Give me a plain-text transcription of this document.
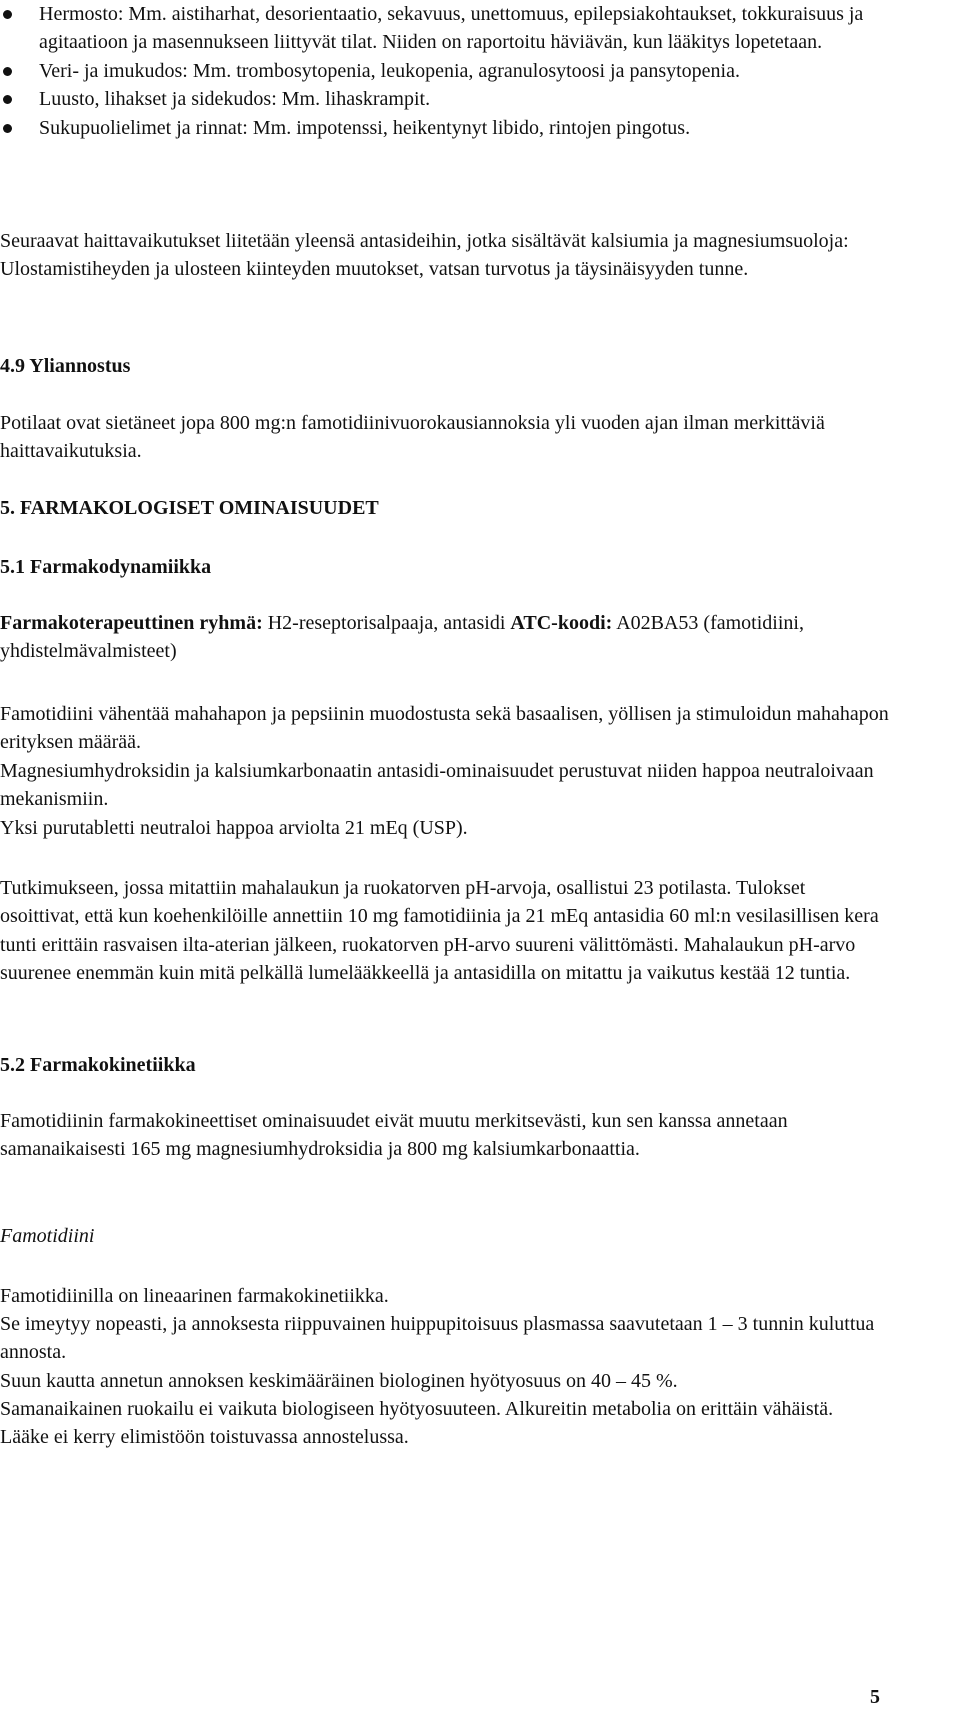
Hermosto: Mm. aistiharhat, desorientaatio, sekavuus, unettomuus, epilepsiakohtaukset, tokkuraisuus ja agitaatioon ja masennukseen liittyvät tilat. Niiden on raportoitu häviävän, kun lääkitys lopetetaan.
Veri- ja imukudos: Mm. trombosytopenia, leukopenia, agranulosytoosi ja pansytopenia.
Luusto, lihakset ja sidekudos: Mm. lihaskrampit.
Sukupuolielimet ja rinnat: Mm. impotenssi, heikentynyt libido, rintojen pingotus.

Seuraavat haittavaikutukset liitetään yleensä antasideihin, jotka sisältävät kalsiumia ja magnesiumsuoloja: Ulostamistiheyden ja ulosteen kiinteyden muutokset, vatsan turvotus ja täysinäisyyden tunne.

4.9 Yliannostus

Potilaat ovat sietäneet jopa 800 mg:n famotidiinivuorokausiannoksia yli vuoden ajan ilman merkittäviä haittavaikutuksia.

5. FARMAKOLOGISET OMINAISUUDET
5.1 Farmakodynamiikka

Farmakoterapeuttinen ryhmä: H2-reseptorisalpaaja, antasidi ATC-koodi: A02BA53 (famotidiini, yhdistelmävalmisteet)

Famotidiini vähentää mahahapon ja pepsiinin muodostusta sekä basaalisen, yöllisen ja stimuloidun mahahapon erityksen määrää.

Magnesiumhydroksidin ja kalsiumkarbonaatin antasidi-ominaisuudet perustuvat niiden happoa neutraloivaan mekanismiin.

Yksi purutabletti neutraloi happoa arviolta 21 mEq (USP).

Tutkimukseen, jossa mitattiin mahalaukun ja ruokatorven pH-arvoja, osallistui 23 potilasta. Tulokset osoittivat, että kun koehenkilöille annettiin 10 mg famotidiinia ja 21 mEq antasidia 60 ml:n vesilasillisen kera tunti erittäin rasvaisen ilta-aterian jälkeen, ruokatorven pH-arvo suureni välittömästi. Mahalaukun pH-arvo suurenee enemmän kuin mitä pelkällä lumelääkkeellä ja antasidilla on mitattu ja vaikutus kestää 12 tuntia.

5.2 Farmakokinetiikka

Famotidiinin farmakokineettiset ominaisuudet eivät muutu merkitsevästi, kun sen kanssa annetaan samanaikaisesti 165 mg magnesiumhydroksidia ja 800 mg kalsiumkarbonaattia.

Famotidiini

Famotidiinilla on lineaarinen farmakokinetiikka.

Se imeytyy nopeasti, ja annoksesta riippuvainen huippupitoisuus plasmassa saavutetaan 1 – 3 tunnin kuluttua annosta.

Suun kautta annetun annoksen keskimääräinen biologinen hyötyosuus on 40 – 45 %.

Samanaikainen ruokailu ei vaikuta biologiseen hyötyosuuteen. Alkureitin metabolia on erittäin vähäistä. Lääke ei kerry elimistöön toistuvassa annostelussa.

5
